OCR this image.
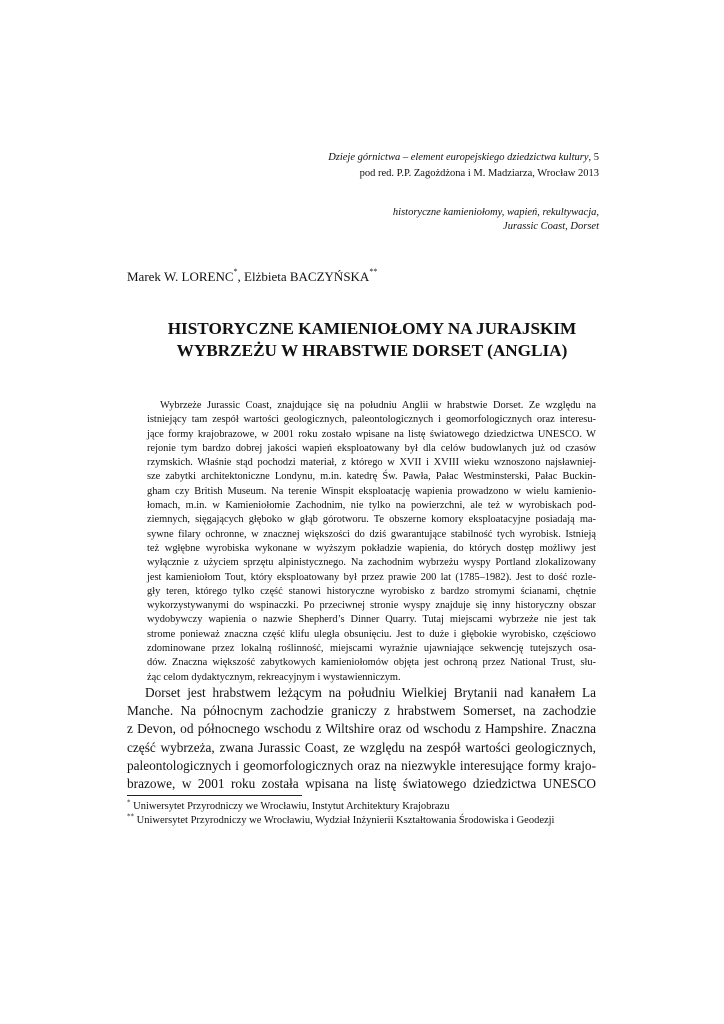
Dzieje górnictwa – element europejskiego dziedzictwa kultury, 5
pod red. P.P. Zagożdżona i M. Madziarza, Wrocław 2013
historyczne kamieniołomy, wapień, rekultywacja,
Jurassic Coast, Dorset
Marek W. LORENC*, Elżbieta BACZYŃSKA**
HISTORYCZNE KAMIENIOŁOMY NA JURAJSKIM
WYBRZEŻU W HRABSTWIE DORSET (ANGLIA)
Wybrzeże Jurassic Coast, znajdujące się na południu Anglii w hrabstwie Dorset. Ze względu na
istniejący tam zespół wartości geologicznych, paleontologicznych i geomorfologicznych oraz interesu-
jące formy krajobrazowe, w 2001 roku zostało wpisane na listę światowego dziedzictwa UNESCO. W
rejonie tym bardzo dobrej jakości wapień eksploatowany był dla celów budowlanych już od czasów
rzymskich. Właśnie stąd pochodzi materiał, z którego w XVII i XVIII wieku wznoszono najsławniej-
sze zabytki architektoniczne Londynu, m.in. katedrę Św. Pawła, Pałac Westminsterski, Pałac Buckin-
gham czy British Museum. Na terenie Winspit eksploatację wapienia prowadzono w wielu kamienio-
łomach, m.in. w Kamieniołomie Zachodnim, nie tylko na powierzchni, ale też w wyrobiskach pod-
ziemnych, sięgających głęboko w głąb górotworu. Te obszerne komory eksploatacyjne posiadają ma-
sywne filary ochronne, w znacznej większości do dziś gwarantujące stabilność tych wyrobisk. Istnieją
też wgłębne wyrobiska wykonane w wyższym pokładzie wapienia, do których dostęp możliwy jest
wyłącznie z użyciem sprzętu alpinistycznego. Na zachodnim wybrzeżu wyspy Portland zlokalizowany
jest kamieniołom Tout, który eksploatowany był przez prawie 200 lat (1785–1982). Jest to dość rozle-
gły teren, którego tylko część stanowi historyczne wyrobisko z bardzo stromymi ścianami, chętnie
wykorzystywanymi do wspinaczki. Po przeciwnej stronie wyspy znajduje się inny historyczny obszar
wydobywczy wapienia o nazwie Shepherd’s Dinner Quarry. Tutaj miejscami wybrzeże nie jest tak
strome ponieważ znaczna część klifu uległa obsunięciu. Jest to duże i głębokie wyrobisko, częściowo
zdominowane przez lokalną roślinność, miejscami wyraźnie ujawniające sekwencję tutejszych osa-
dów. Znaczna większość zabytkowych kamieniołomów objęta jest ochroną przez National Trust, słu-
żąc celom dydaktycznym, rekreacyjnym i wystawienniczym.
Dorset jest hrabstwem leżącym na południu Wielkiej Brytanii nad kanałem La
Manche. Na północnym zachodzie graniczy z hrabstwem Somerset, na zachodzie
z Devon, od północnego wschodu z Wiltshire oraz od wschodu z Hampshire. Znaczna
część wybrzeża, zwana Jurassic Coast, ze względu na zespół wartości geologicznych,
paleontologicznych i geomorfologicznych oraz na niezwykle interesujące formy krajo-
brazowe, w 2001 roku została wpisana na listę światowego dziedzictwa UNESCO
* Uniwersytet Przyrodniczy we Wrocławiu, Instytut Architektury Krajobrazu
** Uniwersytet Przyrodniczy we Wrocławiu, Wydział Inżynierii Kształtowania Środowiska i Geodezji
